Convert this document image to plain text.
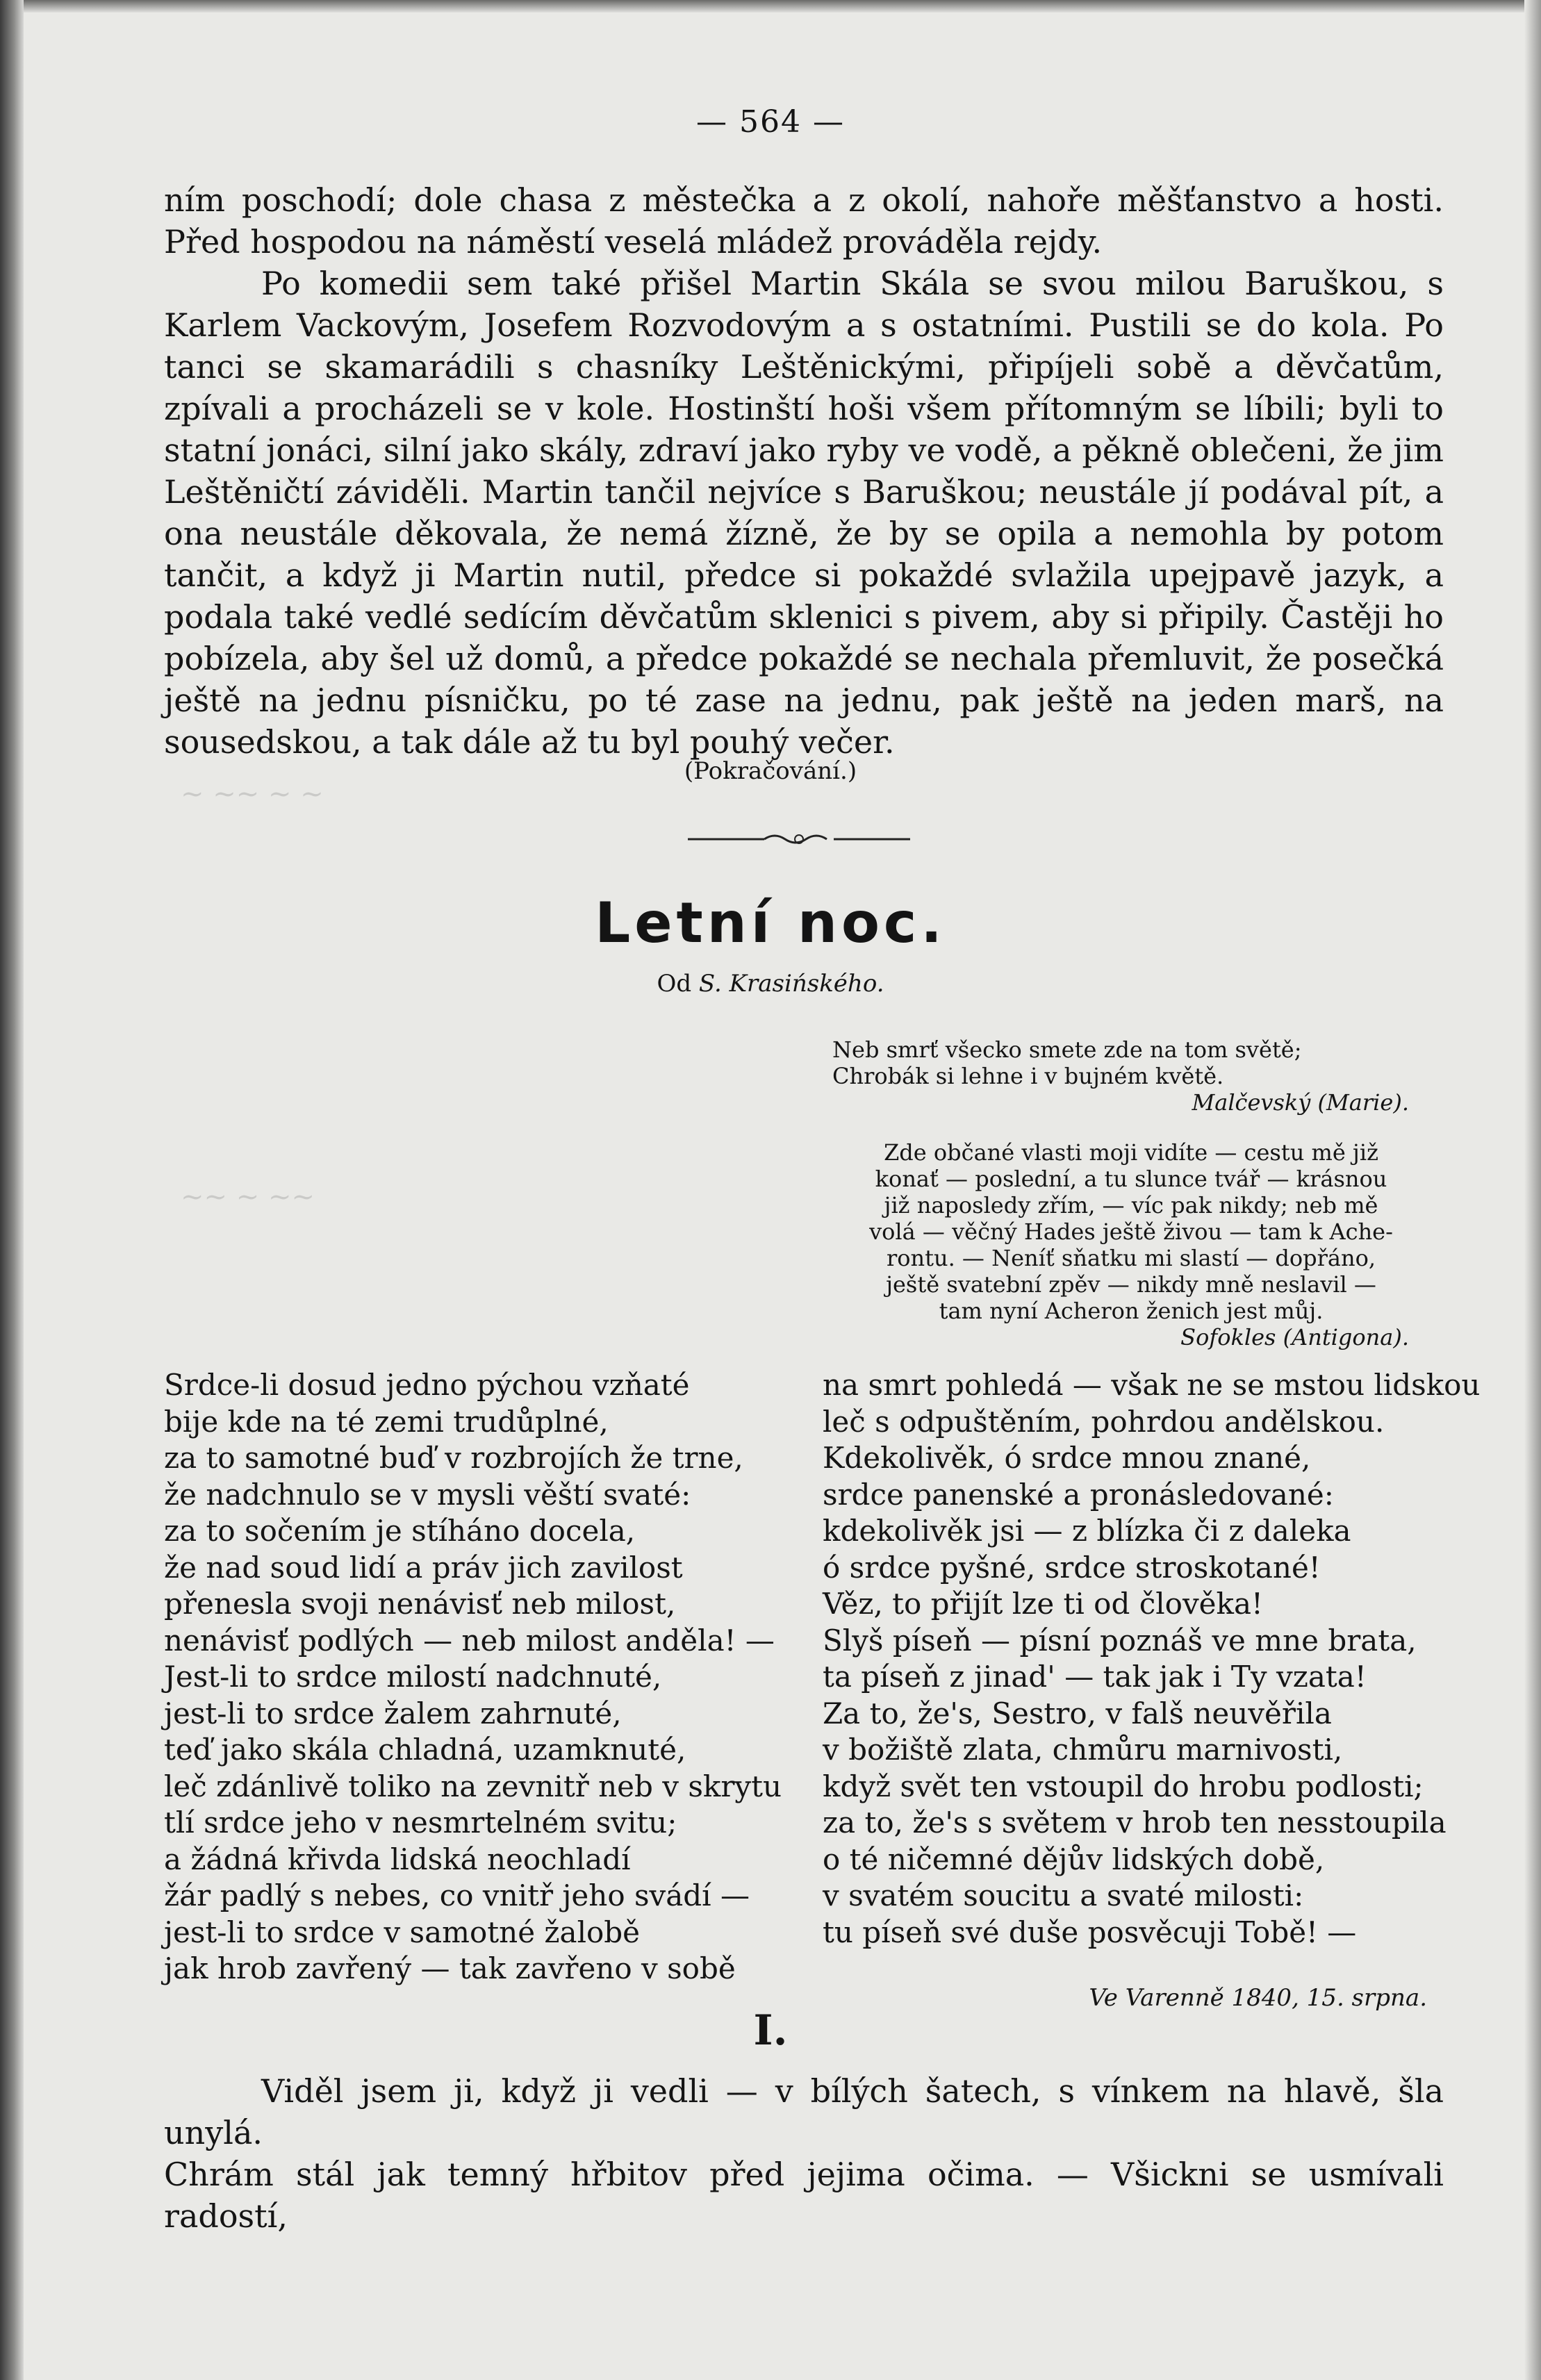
~ ~~ ~ ~
~~ ~ ~~
— 564 —

ním poschodí; dole chasa z městečka a z okolí, nahoře měšťanstvo a hosti. Před hospodou na náměstí veselá mládež prováděla rejdy.

Po komedii sem také přišel Martin Skála se svou milou Baruškou, s Karlem Vackovým, Josefem Rozvodovým a s ostatními. Pustili se do kola. Po tanci se skamarádili s chasníky Leštěnickými, připíjeli sobě a děvčatům, zpívali a procházeli se v kole. Hostinští hoši všem přítomným se líbili; byli to statní jonáci, silní jako skály, zdraví jako ryby ve vodě, a pěkně oblečeni, že jim Leštěničtí záviděli. Martin tančil nejvíce s Baruškou; neustále jí podával pít, a ona neustále děkovala, že nemá žízně, že by se opila a nemohla by potom tančit, a když ji Martin nutil, předce si pokaždé svlažila upejpavě jazyk, a podala také vedlé sedícím děvčatům sklenici s pivem, aby si připily. Častěji ho pobízela, aby šel už domů, a předce pokaždé se nechala přemluvit, že posečká ještě na jednu písničku, po té zase na jednu, pak ještě na jeden marš, na sousedskou, a tak dále až tu byl pouhý večer.

(Pokračování.)
Letní noc.
Od S. Krasińského.
Neb smrť všecko smete zde na tom světě;
Chrobák si lehne i v bujném květě.
Malčevský (Marie).
Zde občané vlasti moji vidíte — cestu mě již
konať — poslední, a tu slunce tvář — krásnou
již naposledy zřím, — víc pak nikdy; neb mě
volá — věčný Hades ještě živou — tam k Ache-
rontu. — Neníť sňatku mi slastí — dopřáno,
ještě svatební zpěv — nikdy mně neslavil —
tam nyní Acheron ženich jest můj.
Sofokles (Antigona).
Srdce-li dosud jedno pýchou vzňaté
bije kde na té zemi trudůplné,
za to samotné buď v rozbrojích že trne,
že nadchnulo se v mysli věští svaté:
za to sočením je stíháno docela,
že nad soud lidí a práv jich zavilost
přenesla svoji nenávisť neb milost,
nenávisť podlých — neb milost anděla! —
Jest-li to srdce milostí nadchnuté,
jest-li to srdce žalem zahrnuté,
teď jako skála chladná, uzamknuté,
leč zdánlivě toliko na zevnitř neb v skrytu
tlí srdce jeho v nesmrtelném svitu;
a žádná křivda lidská neochladí
žár padlý s nebes, co vnitř jeho svádí —
jest-li to srdce v samotné žalobě
jak hrob zavřený — tak zavřeno v sobě
na smrt pohledá — však ne se mstou lidskou
leč s odpuštěním, pohrdou andělskou.
Kdekolivěk, ó srdce mnou znané,
srdce panenské a pronásledované:
kdekolivěk jsi — z blízka či z daleka
ó srdce pyšné, srdce stroskotané!
Věz, to přijít lze ti od člověka!
Slyš píseň — písní poznáš ve mne brata,
ta píseň z jinad' — tak jak i Ty vzata!
Za to, že's, Sestro, v falš neuvěřila
v božiště zlata, chmůru marnivosti,
když svět ten vstoupil do hrobu podlosti;
za to, že's s světem v hrob ten nesstoupila
o té ničemné dějův lidských době,
v svatém soucitu a svaté milosti:
tu píseň své duše posvěcuji Tobě! —
Ve Varenně 1840, 15. srpna.
I.

Viděl jsem ji, když ji vedli — v bílých šatech, s vínkem na hlavě, šla unylá.

Chrám stál jak temný hřbitov před jejima očima. — Všickni se usmívali radostí,
